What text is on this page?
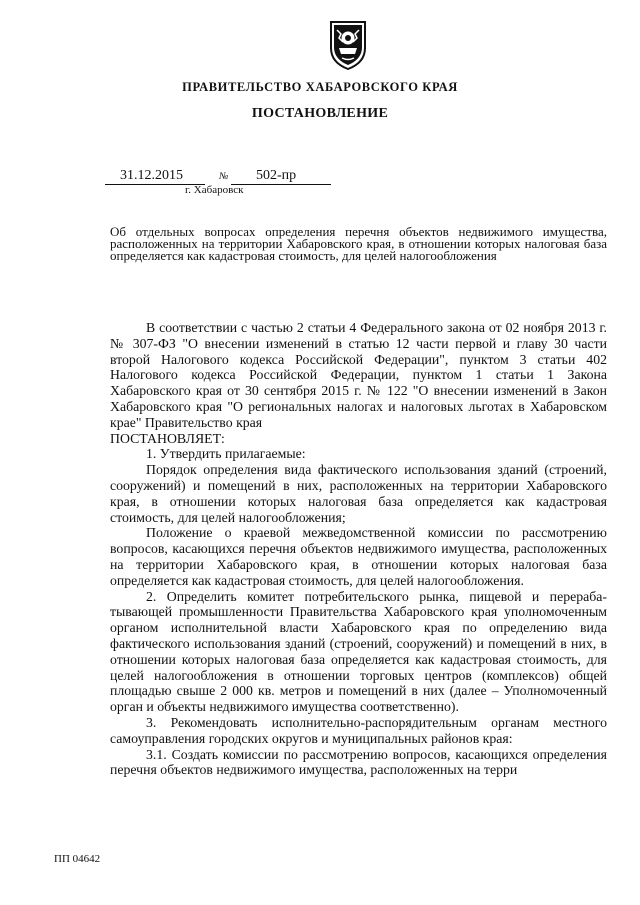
ПРАВИТЕЛЬСТВО ХАБАРОВСКОГО КРАЯ
ПОСТАНОВЛЕНИЕ
31.12.2015	№ 502-пр
г. Хабаровск
Об отдельных вопросах определения перечня объектов недвижимого имущества, расположенных на территории Хабаровского края, в отношении которых налоговая база определяется как кадастровая стоимость, для целей налогообложения

В соответствии с частью 2 статьи 4 Федерального закона от 02 ноября 2013 г. № 307-ФЗ "О внесении изменений в статью 12 части первой и главу 30 части второй Налогового кодекса Российской Федерации", пунктом 3 статьи 402 Налогового кодекса Российской Федерации, пунктом 1 статьи 1 Закона Хабаровского края от 30 сентября 2015 г. № 122 "О внесении изменений в Закон Хабаровского края "О региональных налогах и налоговых льготах в Хабаровском крае" Правительство края

ПОСТАНОВЛЯЕТ:

1. Утвердить прилагаемые:

Порядок определения вида фактического использования зданий (строений, сооружений) и помещений в них, расположенных на территории Хабаровского края, в отношении которых налоговая база определяется как кадастровая стоимость, для целей налогообложения;

Положение о краевой межведомственной комиссии по рассмотрению вопросов, касающихся перечня объектов недвижимого имущества, расположенных на территории Хабаровского края, в отношении которых налоговая база определяется как кадастровая стоимость, для целей налогообложения.

2. Определить комитет потребительского рынка, пищевой и перерабатывающей промышленности Правительства Хабаровского края уполномоченным органом исполнительной власти Хабаровского края по определению вида фактического использования зданий (строений, сооружений) и помещений в них, в отношении которых налоговая база определяется как кадастровая стоимость, для целей налогообложения в отношении торговых центров (комплексов) общей площадью свыше 2 000 кв. метров и помещений в них (далее – Уполномоченный орган и объекты недвижимого имущества соответственно).

3. Рекомендовать исполнительно-распорядительным органам местного самоуправления городских округов и муниципальных районов края:

3.1. Создать комиссии по рассмотрению вопросов, касающихся определения перечня объектов недвижимого имущества, расположенных на терри

ПП 04642
